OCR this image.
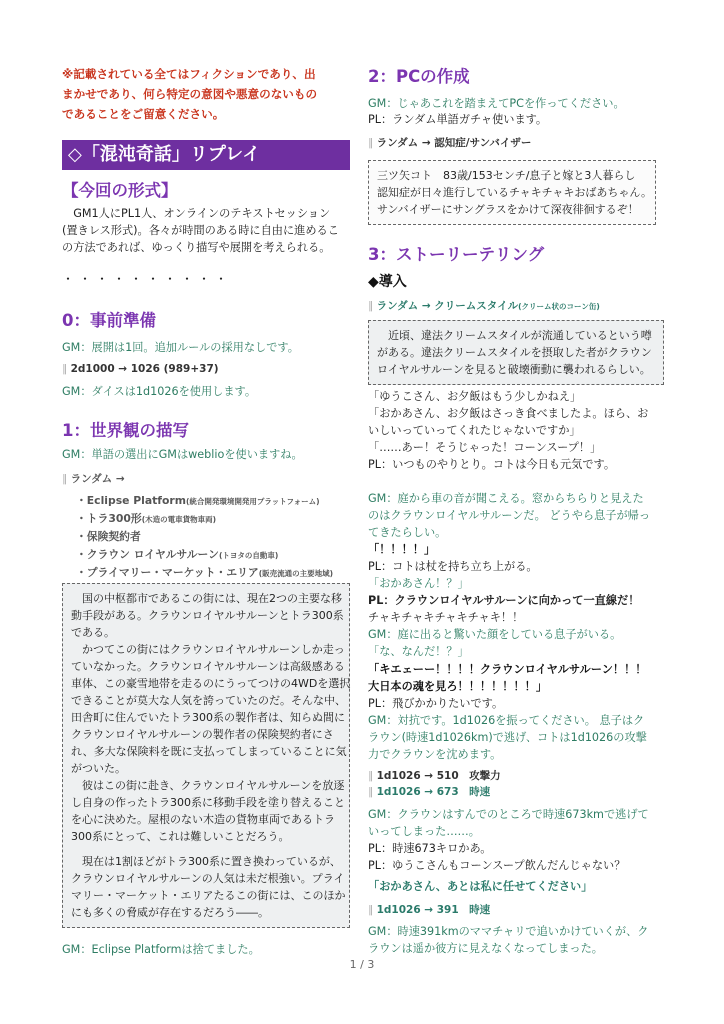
※記載されている全てはフィクションであり、出
まかせであり、何ら特定の意図や悪意のないもの
であることをご留意ください。
◇「混沌奇話」リプレイ
【今回の形式】
　GM1人にPL1人、オンラインのテキストセッション
(置きレス形式)。各々が時間のある時に自由に進めるこ
の方法であれば、ゆっくり描写や展開を考えられる。
・・・・・・・・・・
0：事前準備
GM：展開は1回。追加ルールの採用なしです。
∥ 2d1000 → 1026 (989+37)
GM：ダイスは1d1026を使用します。
1：世界観の描写
GM：単語の選出にGMはweblioを使いますね。
∥ ランダム →
・Eclipse Platform(統合開発環境開発用プラットフォーム)
・トラ300形(木造の電車貨物車両)
・保険契約者
・クラウン ロイヤルサルーン(トヨタの自動車)
・プライマリー・マーケット・エリア(販売流通の主要地域)

　国の中枢都市であるこの街には、現在2つの主要な移

動手段がある。クラウンロイヤルサルーンとトラ300系

である。

　かつてこの街にはクラウンロイヤルサルーンしか走っ

ていなかった。クラウンロイヤルサルーンは高級感ある

車体、この豪雪地帯を走るのにうってつけの4WDを選択

できることが莫大な人気を誇っていたのだ。そんな中、

田舎町に住んでいたトラ300系の製作者は、知らぬ間に

クラウンロイヤルサルーンの製作者の保険契約者にさ

れ、多大な保険料を既に支払ってしまっていることに気

がついた。

　彼はこの街に赴き、クラウンロイヤルサルーンを放逐

し自身の作ったトラ300系に移動手段を塗り替えること

を心に決めた。屋根のない木造の貨物車両であるトラ

300系にとって、これは難しいことだろう。

　現在は1割ほどがトラ300系に置き換わっているが、

クラウンロイヤルサルーンの人気は未だ根強い。プライ

マリー・マーケット・エリアたるこの街には、このほか

にも多くの脅威が存在するだろう――。

GM：Eclipse Platformは捨てました。
2：PCの作成
GM：じゃあこれを踏まえてPCを作ってください。
PL：ランダム単語ガチャ使います。
∥ ランダム → 認知症/サンバイザー

三ツ矢コト　83歳/153センチ/息子と嫁と3人暮らし

認知症が日々進行しているチャキチャキおばあちゃん。

サンバイザーにサングラスをかけて深夜徘徊するぞ！

3：ストーリーテリング
◆導入
∥ ランダム → クリームスタイル(クリーム状のコーン缶)

　近頃、違法クリームスタイルが流通しているという噂

がある。違法クリームスタイルを摂取した者がクラウン

ロイヤルサルーンを見ると破壊衝動に襲われるらしい。

「ゆうこさん、お夕飯はもう少しかねえ」
「おかあさん、お夕飯はさっき食べましたよ。ほら、お
いしいっていってくれたじゃないですか」
「……あー！そうじゃった！コーンスープ！」
PL：いつものやりとり。コトは今日も元気です。
GM：庭から車の音が聞こえる。窓からちらりと見えた
のはクラウンロイヤルサルーンだ。 どうやら息子が帰っ
てきたらしい。
「！！！！」
PL：コトは杖を持ち立ち上がる。
「おかあさん！？」
PL：クラウンロイヤルサルーンに向かって一直線だ！
チャキチャキチャキチャキ！！
GM：庭に出ると驚いた顔をしている息子がいる。
「な、なんだ！？」
「キエェーー！！！！クラウンロイヤルサルーン！！！
大日本の魂を見ろ！！！！！！！」
PL：飛びかかりたいです。
GM：対抗です。1d1026を振ってください。 息子はク
ラウン(時速1d1026km)で逃げ、コトは1d1026の攻撃
力でクラウンを沈めます。
∥ 1d1026 → 510　攻撃力
∥ 1d1026 → 673　時速
GM：クラウンはすんでのところで時速673kmで逃げて
いってしまった……。
PL：時速673キロかあ。
PL：ゆうこさんもコーンスープ飲んだんじゃない？
「おかあさん、あとは私に任せてください」
∥ 1d1026 → 391　時速
GM：時速391kmのママチャリで追いかけていくが、ク
ラウンは遥か彼方に見えなくなってしまった。
1 / 3
